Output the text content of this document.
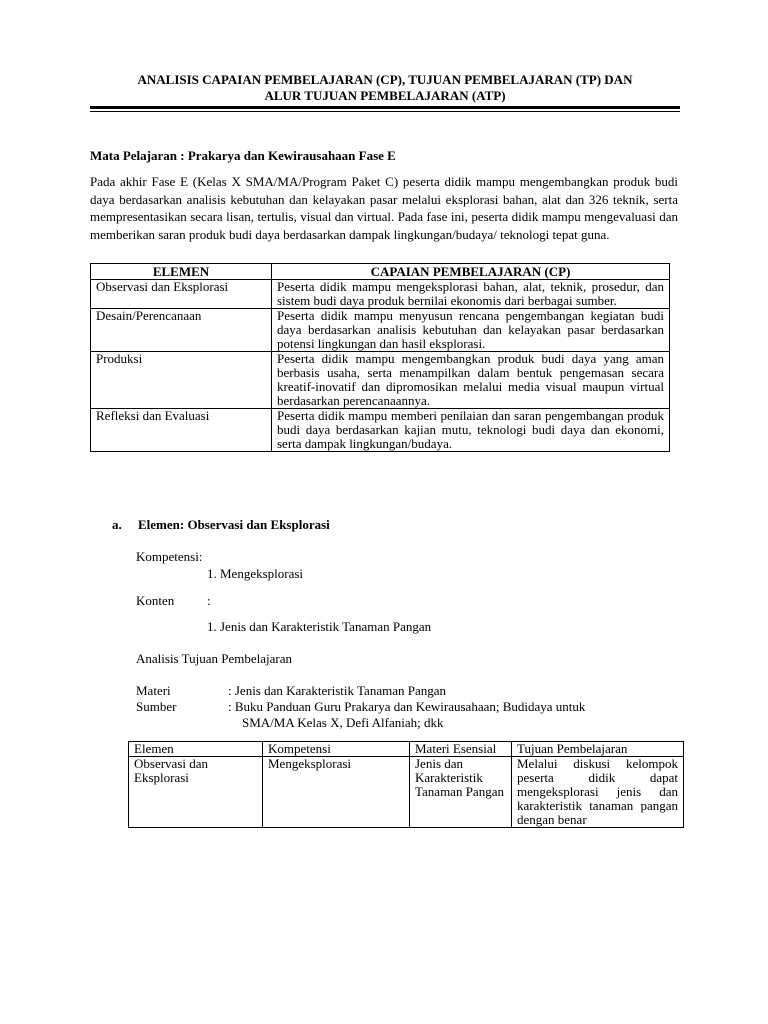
ANALISIS CAPAIAN PEMBELAJARAN (CP), TUJUAN PEMBELAJARAN (TP) DAN
ALUR TUJUAN PEMBELAJARAN (ATP)
Mata Pelajaran : Prakarya dan Kewirausahaan Fase E
Pada akhir Fase E (Kelas X SMA/MA/Program Paket C) peserta didik mampu mengembangkan produk budi daya berdasarkan analisis kebutuhan dan kelayakan pasar melalui eksplorasi bahan, alat dan 326 teknik, serta mempresentasikan secara lisan, tertulis, visual dan virtual. Pada fase ini, peserta didik mampu mengevaluasi dan memberikan saran produk budi daya berdasarkan dampak lingkungan/budaya/ teknologi tepat guna.
ELEMEN	CAPAIAN PEMBELAJARAN (CP)
Observasi dan Eksplorasi	Peserta didik mampu mengeksplorasi bahan, alat, teknik, prosedur, dan sistem budi daya produk bernilai ekonomis dari berbagai sumber.
Desain/Perencanaan	Peserta didik mampu menyusun rencana pengembangan kegiatan budi daya berdasarkan analisis kebutuhan dan kelayakan pasar berdasarkan potensi lingkungan dan hasil eksplorasi.
Produksi	Peserta didik mampu mengembangkan produk budi daya yang aman berbasis usaha, serta menampilkan dalam bentuk pengemasan secara kreatif-inovatif dan dipromosikan melalui media visual maupun virtual berdasarkan perencanaannya.
Refleksi dan Evaluasi	Peserta didik mampu memberi penilaian dan saran pengembangan produk budi daya berdasarkan kajian mutu, teknologi budi daya dan ekonomi, serta dampak lingkungan/budaya.
a. Elemen: Observasi dan Eksplorasi
Kompetensi:
1. Mengeksplorasi
Konten	:
1. Jenis dan Karakteristik Tanaman Pangan
Analisis Tujuan Pembelajaran
Materi	: Jenis dan Karakteristik Tanaman Pangan
Sumber	: Buku Panduan Guru Prakarya dan Kewirausahaan; Budidaya untuk
SMA/MA Kelas X, Defi Alfaniah; dkk
Elemen	Kompetensi	Materi Esensial	Tujuan Pembelajaran
Observasi dan Eksplorasi	Mengeksplorasi	Jenis dan Karakteristik Tanaman Pangan	Melalui diskusi kelompok peserta didik dapat mengeksplorasi jenis dan karakteristik tanaman pangan dengan benar
